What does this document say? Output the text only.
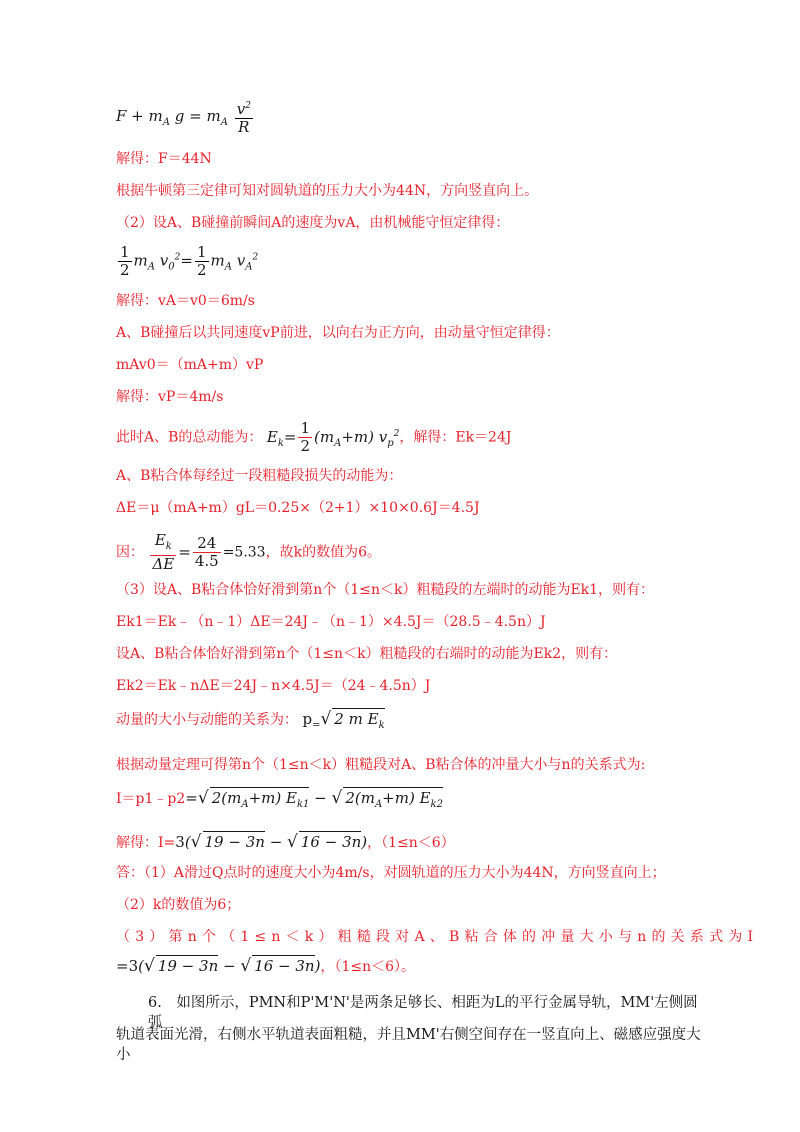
$F + m_A$ $g = m_A \frac{v^2}{R}$
解得：F＝44N
根据牛顿第三定律可知对圆轨道的压力大小为44N，方向竖直向上。
（2）设A、B碰撞前瞬间A的速度为vA，由机械能守恒定律得：
$\frac{1}{2} m_A$ $v_0^2= \frac{1}{2} m_A$ $v_A^2$
解得：vA＝v0＝6m/s
A、B碰撞后以共同速度vP前进，以向右为正方向，由动量守恒定律得：
mAv0＝（mA+m）vP
解得：vP＝4m/s
此时A、B的总动能为： $E_k= \frac{1}{2} (m_A+m)$ $v_p^2$，解得：Ek＝24J
A、B粘合体每经过一段粗糙段损失的动能为：
ΔE＝μ（mA+m）gL＝0.25×（2+1）×10×0.6J＝4.5J
因： $\frac{E_k}{\Delta E} = \frac{24}{4.5} =5.33$，故k的数值为6。
（3）设A、B粘合体恰好滑到第n个（1≤n＜k）粗糙段的左端时的动能为Ek1，则有：
Ek1＝Ek﹣（n﹣1）ΔE＝24J﹣（n﹣1）×4.5J＝（28.5﹣4.5n）J
设A、B粘合体恰好滑到第n个（1≤n＜k）粗糙段的右端时的动能为Ek2，则有：
Ek2＝Ek﹣nΔE＝24J﹣n×4.5J＝（24﹣4.5n）J
动量的大小与动能的关系为： $p_=√$ 2 m $E_k$
根据动量定理可得第n个（1≤n＜k）粗糙段对A、B粘合体的冲量大小与n的关系式为:
I＝p1﹣p2=√ $2(m_A+m) E_{k1}$ − √ $2(m_A+m)$ $E_{k2}$
解得：I=3(√ 19 − 3n − √ 16 − 3n)，（1≤n＜6）
答：（1）A滑过Q点时的速度大小为4m/s，对圆轨道的压力大小为44N，方向竖直向上；
（2）k的数值为6；
（3）第n个（1≤n＜k）粗糙段对A、B粘合体的冲量大小与n的关系式为I
=3(√ 19 − 3n − √ 16 − 3n)，（1≤n＜6）。
6.　如图所示，PMN和P'M'N'是两条足够长、相距为L的平行金属导轨，MM'左侧圆弧
轨道表面光滑，右侧水平轨道表面粗糙，并且MM'右侧空间存在一竖直向上、磁感应强度大小
